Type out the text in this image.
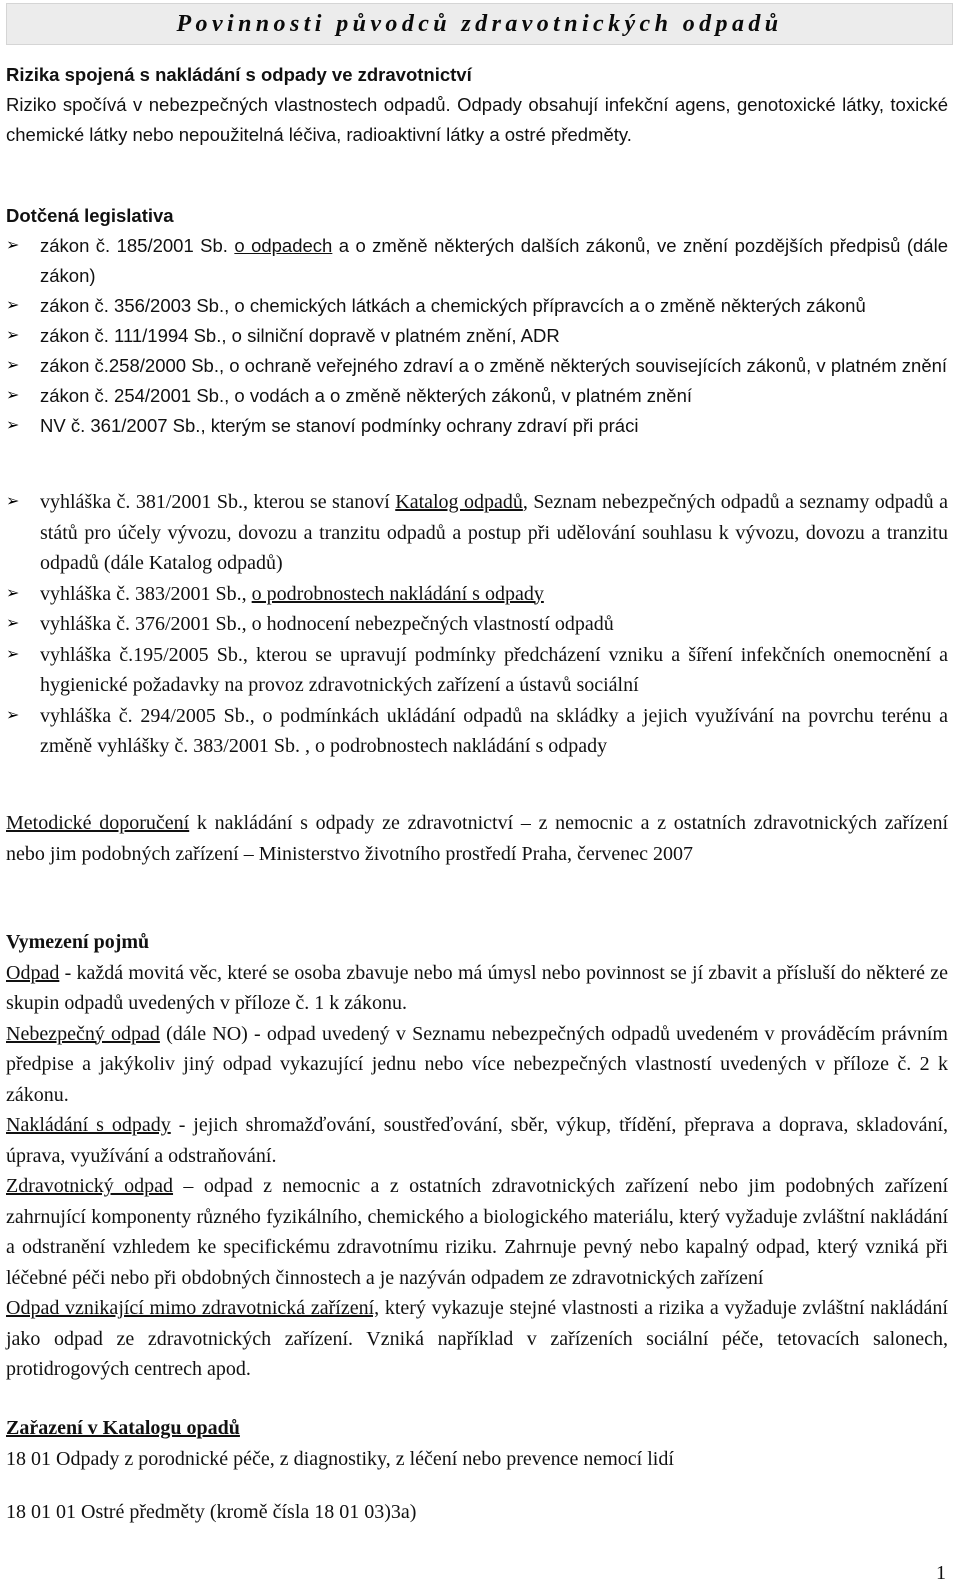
Povinnosti původců zdravotnických odpadů
Rizika spojená s nakládání s odpady ve zdravotnictví
Riziko spočívá v nebezpečných vlastnostech odpadů. Odpady obsahují infekční agens, genotoxické látky, toxické chemické látky nebo nepoužitelná léčiva, radioaktivní látky a ostré předměty.
Dotčená legislativa
➢ zákon č. 185/2001 Sb. o odpadech a o změně některých dalších zákonů, ve znění pozdějších předpisů (dále zákon)
➢ zákon č. 356/2003 Sb., o chemických látkách a chemických přípravcích a o změně některých zákonů
➢ zákon č. 111/1994 Sb., o silniční dopravě v platném znění, ADR
➢ zákon č.258/2000 Sb., o ochraně veřejného zdraví a o změně některých souvisejících zákonů, v platném znění
➢ zákon č. 254/2001 Sb., o vodách a o změně některých zákonů, v platném znění
➢ NV č. 361/2007 Sb., kterým se stanoví podmínky ochrany zdraví při práci
➢ vyhláška č. 381/2001 Sb., kterou se stanoví Katalog odpadů, Seznam nebezpečných odpadů a seznamy odpadů a států pro účely vývozu, dovozu a tranzitu odpadů a postup při udělování souhlasu k vývozu, dovozu a tranzitu odpadů (dále Katalog odpadů)
➢ vyhláška č. 383/2001 Sb., o podrobnostech nakládání s odpady
➢ vyhláška č. 376/2001 Sb., o hodnocení nebezpečných vlastností odpadů
➢ vyhláška č.195/2005 Sb., kterou se upravují podmínky předcházení vzniku a šíření infekčních onemocnění a hygienické požadavky na provoz zdravotnických zařízení a ústavů sociální
➢ vyhláška č. 294/2005 Sb., o podmínkách ukládání odpadů na skládky a jejich využívání na povrchu terénu a změně vyhlášky č. 383/2001 Sb. , o podrobnostech nakládání s odpady
Metodické doporučení k nakládání s odpady ze zdravotnictví – z nemocnic a z ostatních zdravotnických zařízení nebo jim podobných zařízení – Ministerstvo životního prostředí Praha, červenec 2007
Vymezení pojmů
Odpad - každá movitá věc, které se osoba zbavuje nebo má úmysl nebo povinnost se jí zbavit a přísluší do některé ze skupin odpadů uvedených v příloze č. 1 k zákonu.
Nebezpečný odpad (dále NO) - odpad uvedený v Seznamu nebezpečných odpadů uvedeném v prováděcím právním předpise a jakýkoliv jiný odpad vykazující jednu nebo více nebezpečných vlastností uvedených v příloze č. 2 k zákonu.
Nakládání s odpady - jejich shromažďování, soustřeďování, sběr, výkup, třídění, přeprava a doprava, skladování, úprava, využívání a odstraňování.
Zdravotnický odpad – odpad z nemocnic a z ostatních zdravotnických zařízení nebo jim podobných zařízení zahrnující komponenty různého fyzikálního, chemického a biologického materiálu, který vyžaduje zvláštní nakládání a odstranění vzhledem ke specifickému zdravotnímu riziku. Zahrnuje pevný nebo kapalný odpad, který vzniká při léčebné péči nebo při obdobných činnostech a je nazýván odpadem ze zdravotnických zařízení
Odpad vznikající mimo zdravotnická zařízení, který vykazuje stejné vlastnosti a rizika a vyžaduje zvláštní nakládání jako odpad ze zdravotnických zařízení. Vzniká například v zařízeních sociální péče, tetovacích salonech, protidrogových centrech apod.
Zařazení v Katalogu opadů
18 01 Odpady z porodnické péče, z diagnostiky, z léčení nebo prevence nemocí lidí
18 01 01 Ostré předměty (kromě čísla 18 01 03)3a)
1
